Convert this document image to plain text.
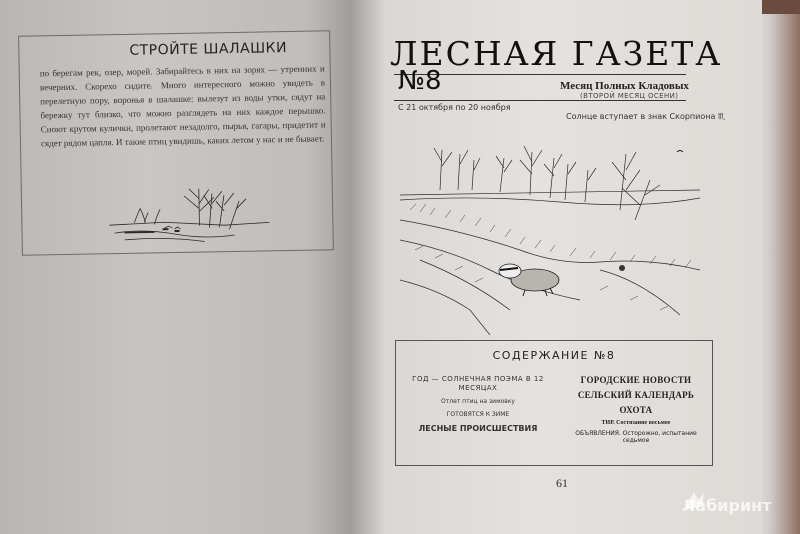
СТРОЙТЕ ШАЛАШКИ
по берегам рек, озер, морей. Забирайтесь в них на зорях — утренних и вечерних. Скорехо сидите. Много интересного можно увидеть в перелетную пору, воронья в шалашке: вылезут из воды утки, сядут на бережку тут близко, что можно разглядеть на них каждое перышко. Сноют крутом кулички, пролетают незадолго, пырья, гагары, придетит и сядет рядом цапля. И такие птиц увидишь, каких летом у нас и не бывает.
ЛЕСНАЯ ГАЗЕТА
№8	Месяц Полных Кладовых
(ВТОРОЙ МЕСЯЦ ОСЕНИ)
С 21 октября по 20 ноября
Солнце вступает в знак Скорпиона ♏
СОДЕРЖАНИЕ №8
ГОД — СОЛНЕЧНАЯ ПОЭМА В 12 МЕСЯЦАХ
Отлет птиц на зимовку
ГОТОВЯТСЯ К ЗИМЕ
ЛЕСНЫЕ ПРОИСШЕСТВИЯ
ГОРОДСКИЕ НОВОСТИ
СЕЛЬСКИЙ КАЛЕНДАРЬ
ОХОТА
ТИР. Состязание восьмое
ОБЪЯВЛЕНИЯ. Осторожно, испытание седьмое
61
Лабиринт
